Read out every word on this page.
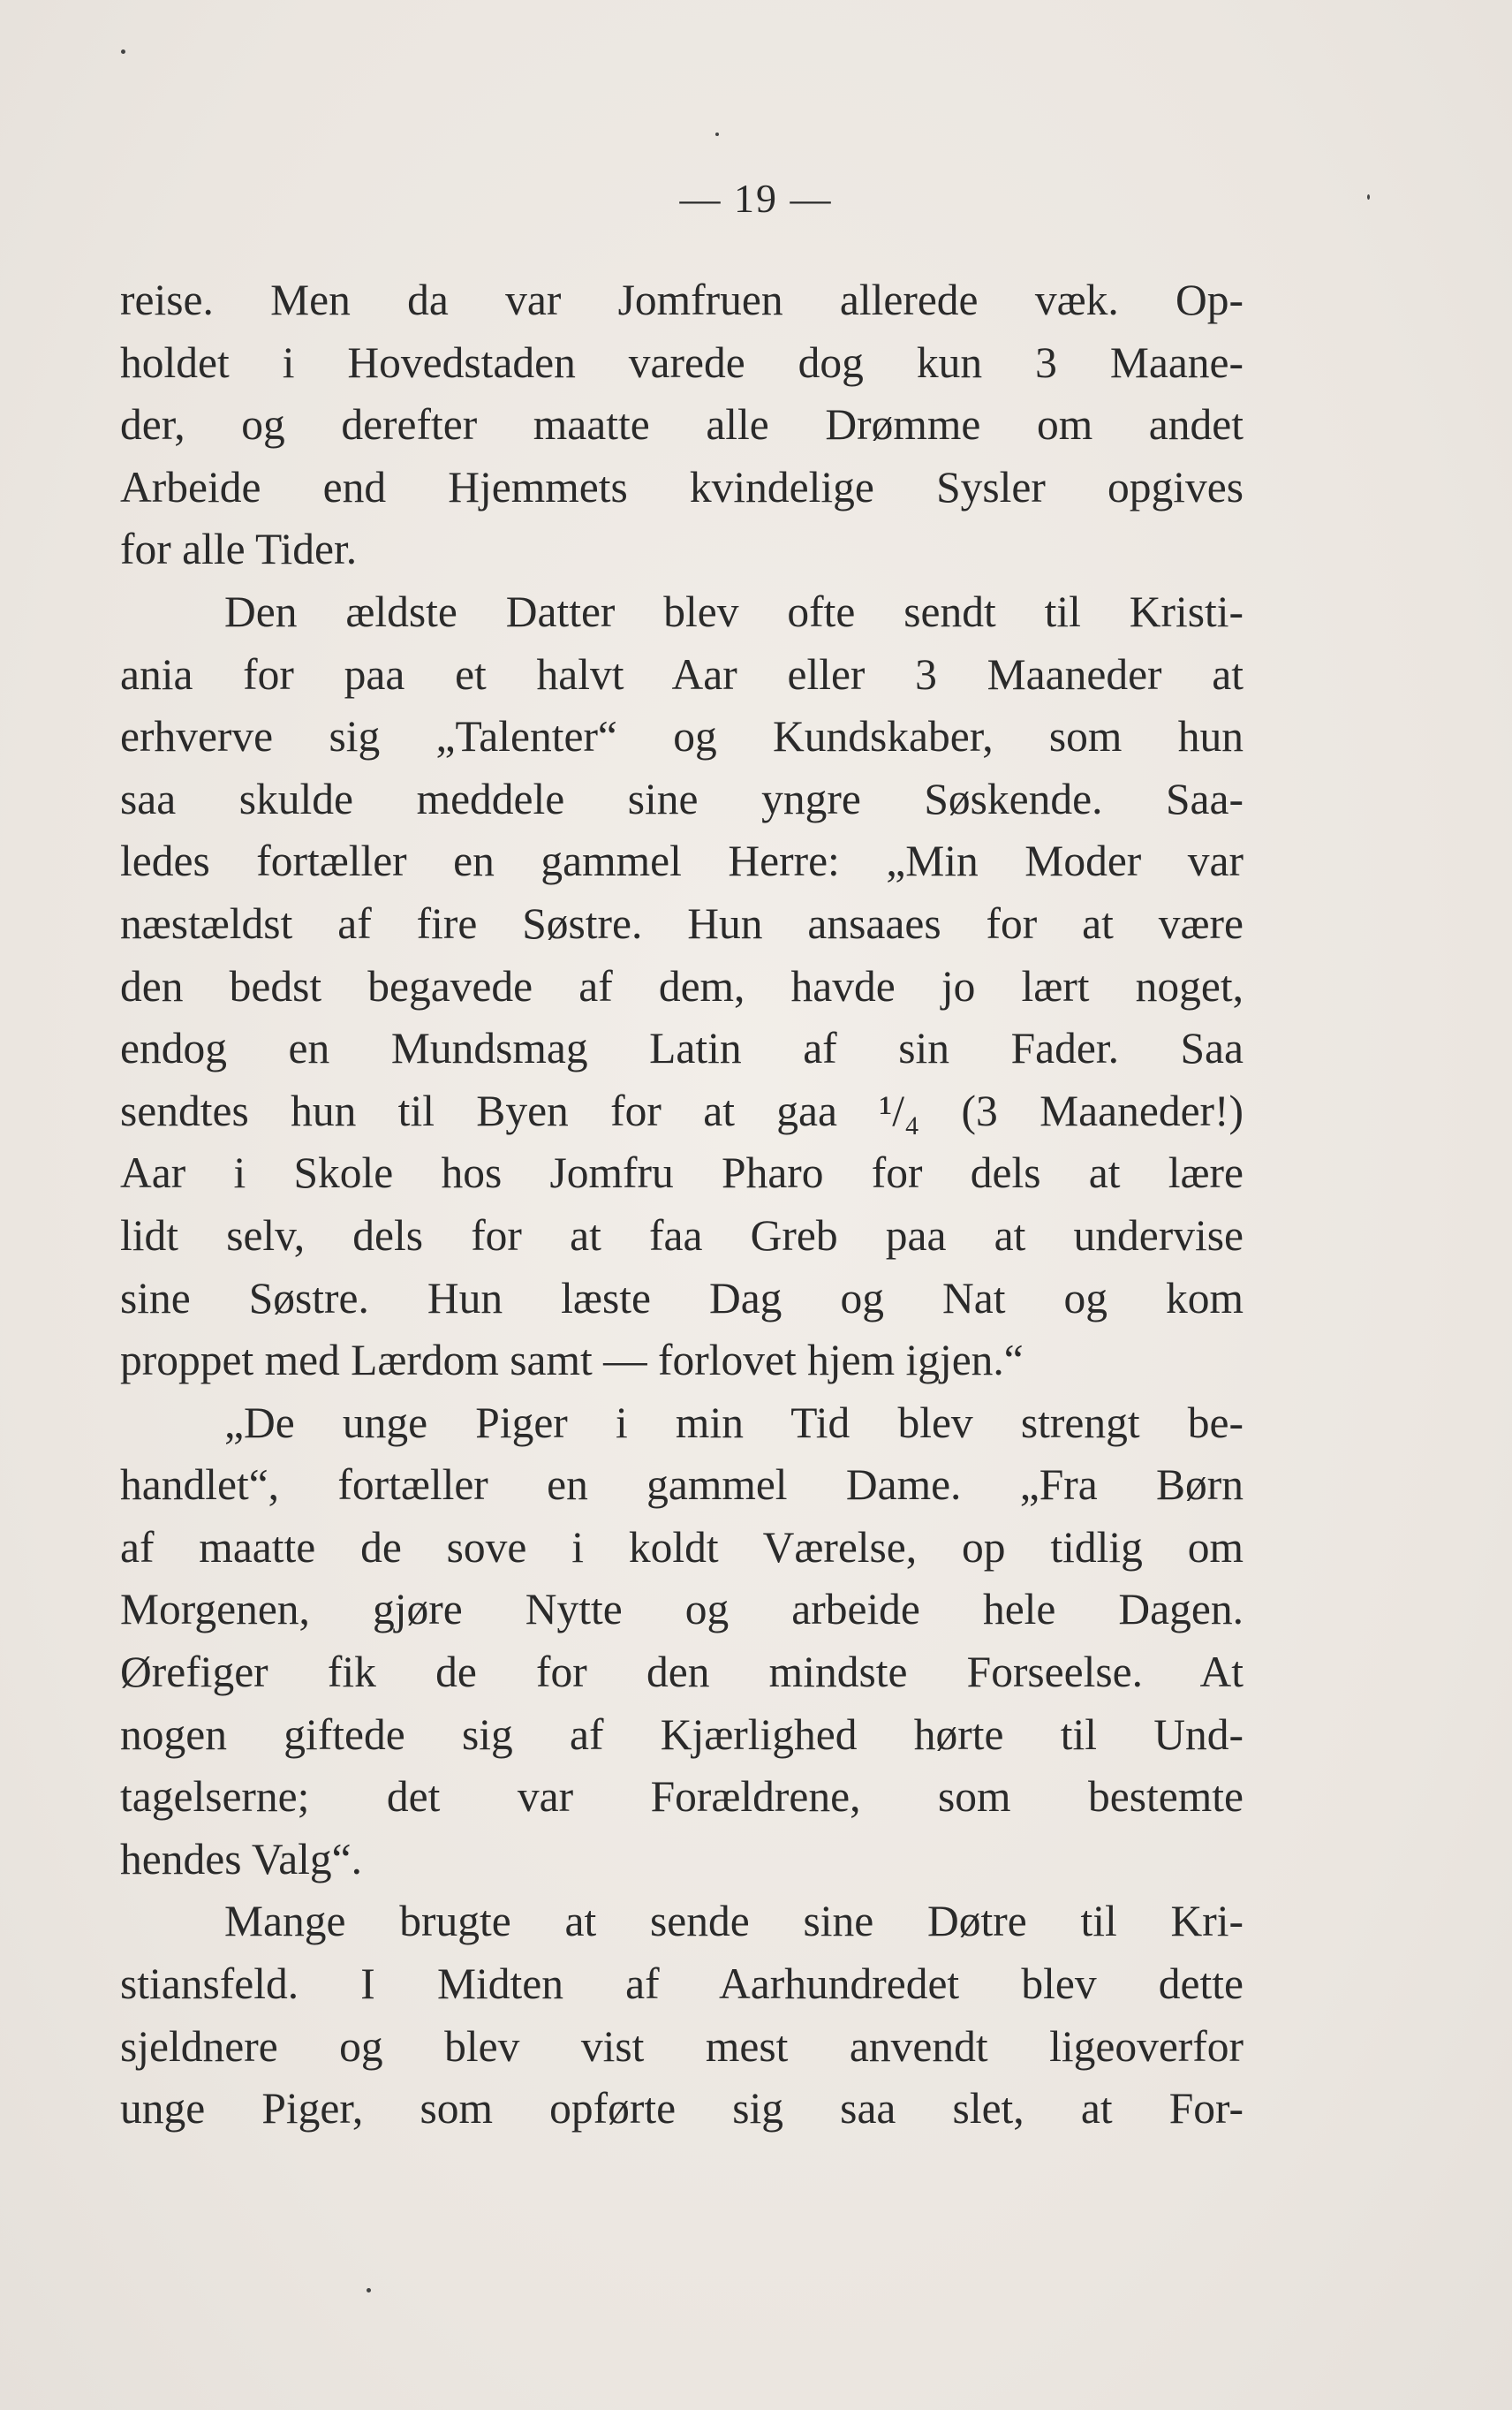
— 19 —
reise. Men da var Jomfruen allerede væk. Op-
holdet i Hovedstaden varede dog kun 3 Maane-
der, og derefter maatte alle Drømme om andet
Arbeide end Hjemmets kvindelige Sysler opgives
for alle Tider.
Den ældste Datter blev ofte sendt til Kristi-
ania for paa et halvt Aar eller 3 Maaneder at
erhverve sig „Talenter“ og Kundskaber, som hun
saa skulde meddele sine yngre Søskende. Saa-
ledes fortæller en gammel Herre: „Min Moder var
næstældst af fire Søstre. Hun ansaaes for at være
den bedst begavede af dem, havde jo lært noget,
endog en Mundsmag Latin af sin Fader. Saa
sendtes hun til Byen for at gaa ¹/₄ (3 Maaneder!)
Aar i Skole hos Jomfru Pharo for dels at lære
lidt selv, dels for at faa Greb paa at undervise
sine Søstre. Hun læste Dag og Nat og kom
proppet med Lærdom samt — forlovet hjem igjen.“
„De unge Piger i min Tid blev strengt be-
handlet“, fortæller en gammel Dame. „Fra Børn
af maatte de sove i koldt Værelse, op tidlig om
Morgenen, gjøre Nytte og arbeide hele Dagen.
Ørefiger fik de for den mindste Forseelse. At
nogen giftede sig af Kjærlighed hørte til Und-
tagelserne; det var Forældrene, som bestemte
hendes Valg“.
Mange brugte at sende sine Døtre til Kri-
stiansfeld. I Midten af Aarhundredet blev dette
sjeldnere og blev vist mest anvendt ligeoverfor
unge Piger, som opførte sig saa slet, at For-
